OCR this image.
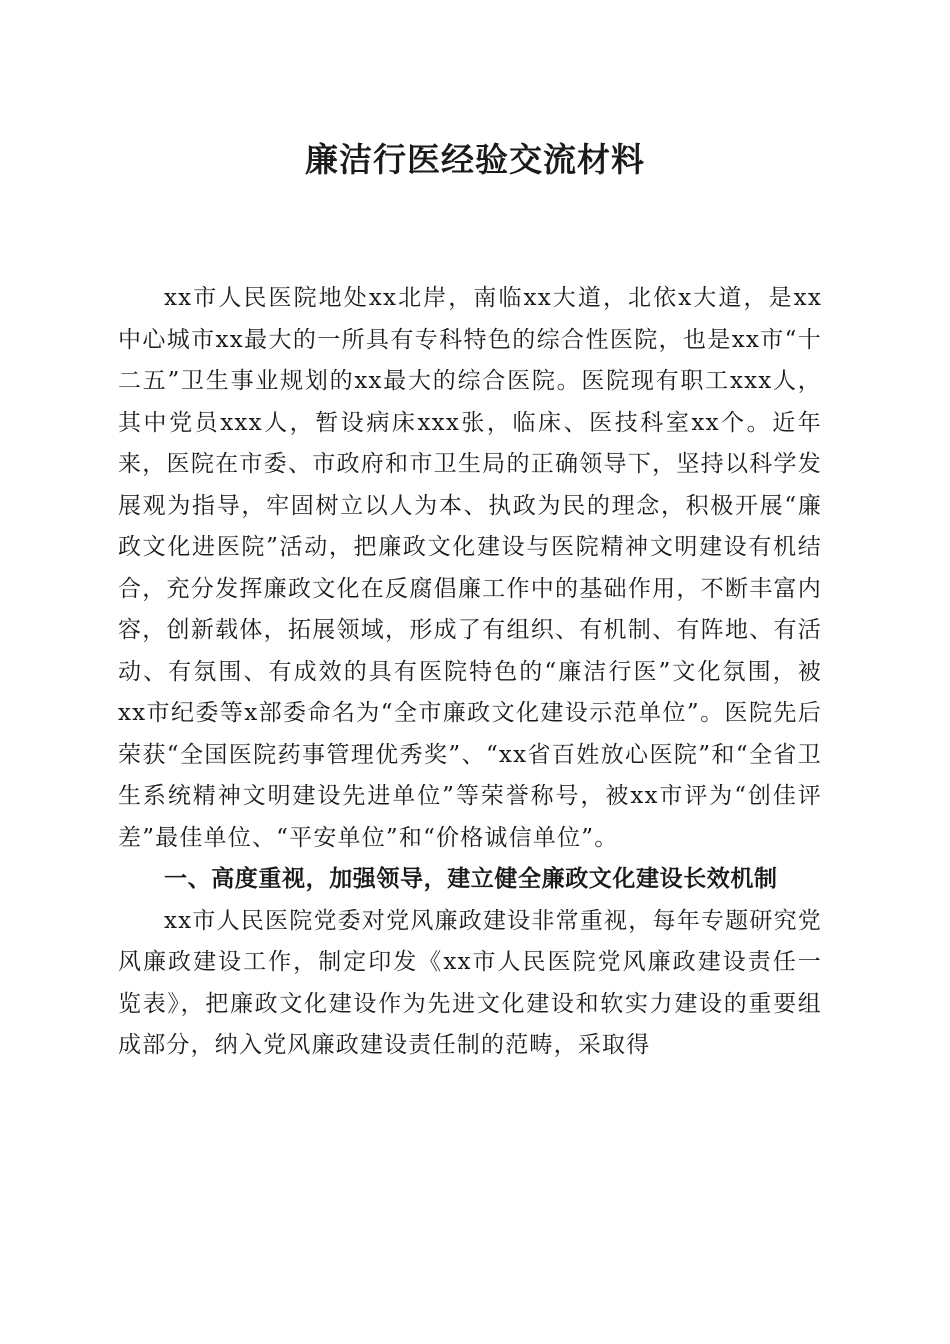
廉洁行医经验交流材料

xx市人民医院地处xx北岸，南临xx大道，北依x大道，是xx中心城市xx最大的一所具有专科特色的综合性医院，也是xx市“十二五”卫生事业规划的xx最大的综合医院。医院现有职工xxx人，其中党员xxx人，暂设病床xxx张，临床、医技科室xx个。近年来，医院在市委、市政府和市卫生局的正确领导下，坚持以科学发展观为指导，牢固树立以人为本、执政为民的理念，积极开展“廉政文化进医院”活动，把廉政文化建设与医院精神文明建设有机结合，充分发挥廉政文化在反腐倡廉工作中的基础作用，不断丰富内容，创新载体，拓展领域，形成了有组织、有机制、有阵地、有活动、有氛围、有成效的具有医院特色的“廉洁行医”文化氛围，被xx市纪委等x部委命名为“全市廉政文化建设示范单位”。医院先后荣获“全国医院药事管理优秀奖”、“xx省百姓放心医院”和“全省卫生系统精神文明建设先进单位”等荣誉称号，被xx市评为“创佳评差”最佳单位、“平安单位”和“价格诚信单位”。

一、高度重视，加强领导，建立健全廉政文化建设长效机制

xx市人民医院党委对党风廉政建设非常重视，每年专题研究党风廉政建设工作，制定印发《xx市人民医院党风廉政建设责任一览表》，把廉政文化建设作为先进文化建设和软实力建设的重要组成部分，纳入党风廉政建设责任制的范畴，采取得
